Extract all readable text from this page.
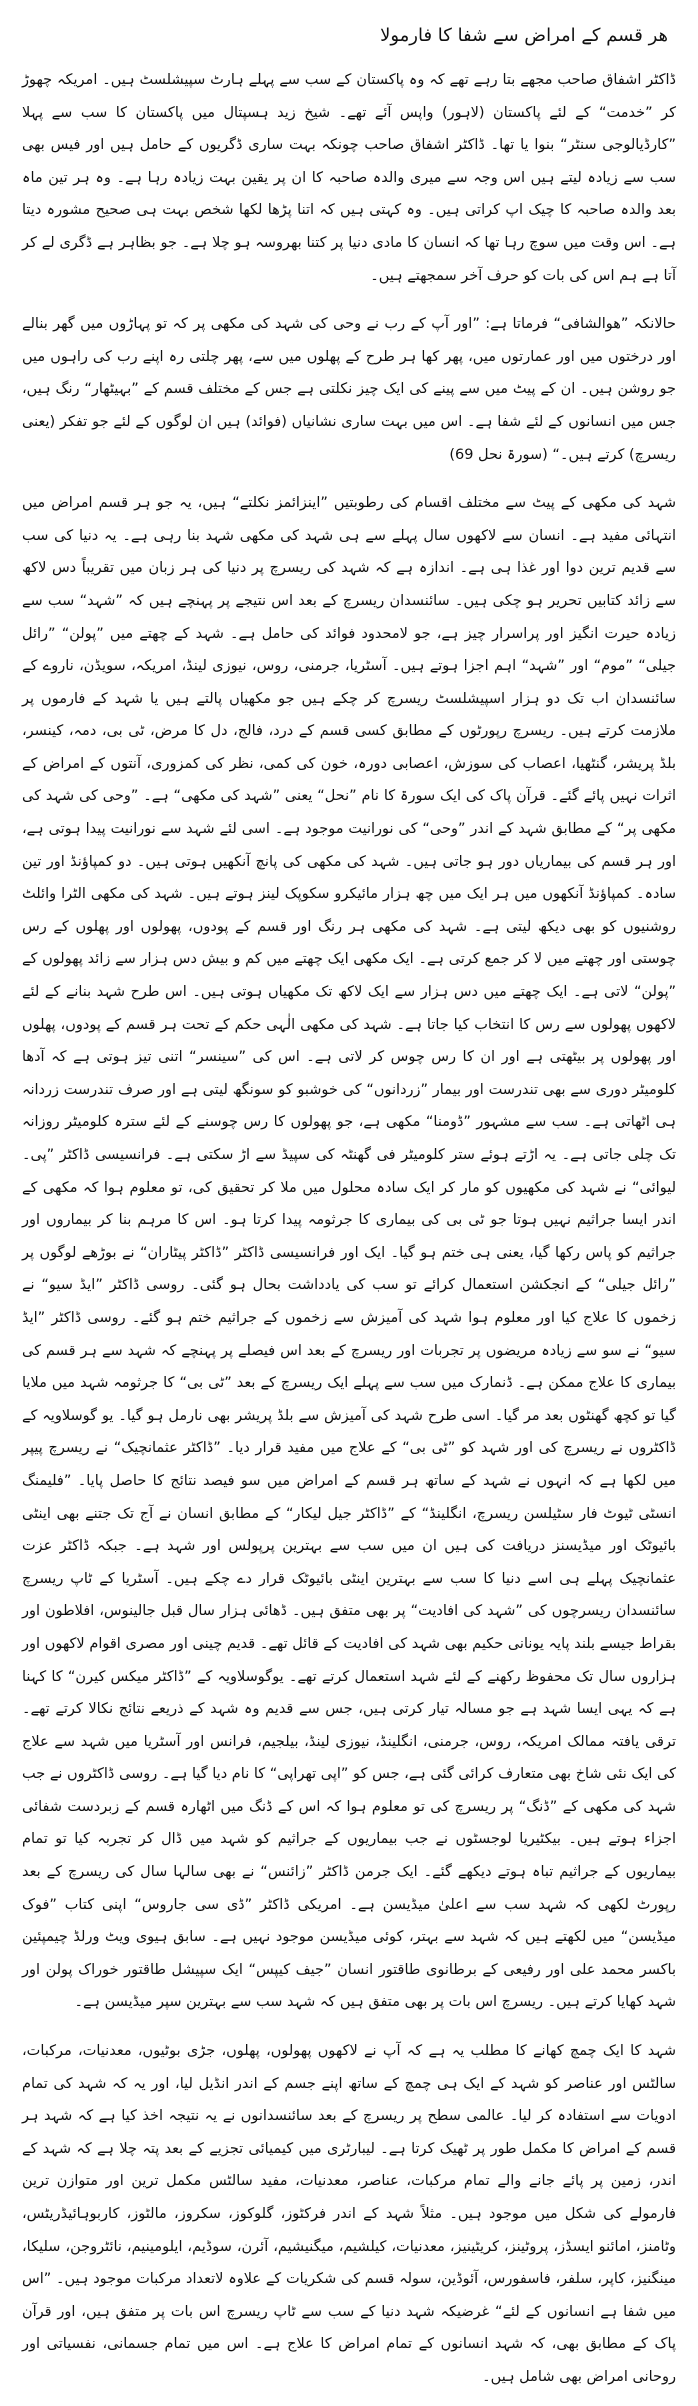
ھر قسم کے امراض سے شفا کا فارمولا

ڈاکٹر اشفاق صاحب مجھے بتا رہے تھے کہ وہ پاکستان کے سب سے پہلے ہارٹ سپیشلسٹ ہیں۔ امریکہ چھوڑ کر ”خدمت“ کے لئے پاکستان (لاہور) واپس آئے تھے۔ شیخ زید ہسپتال میں پاکستان کا سب سے پہلا ”کارڈیالوجی سنٹر“ بنوا یا تھا۔ ڈاکٹر اشفاق صاحب چونکہ بہت ساری ڈگریوں کے حامل ہیں اور فیس بھی سب سے زیادہ لیتے ہیں اس وجہ سے میری والدہ صاحبہ کا ان پر یقین بہت زیادہ رہا ہے۔ وہ ہر تین ماہ بعد والدہ صاحبہ کا چیک اپ کراتی ہیں۔ وہ کہتی ہیں کہ اتنا پڑھا لکھا شخص بہت ہی صحیح مشورہ دیتا ہے۔ اس وقت میں سوچ رہا تھا کہ انسان کا مادی دنیا پر کتنا بھروسہ ہو چلا ہے۔ جو بظاہر ہے ڈگری لے کر آتا ہے ہم اس کی بات کو حرف آخر سمجھتے ہیں۔

حالانکہ ”ھوالشافی“ فرماتا ہے: ”اور آپ کے رب نے وحی کی شہد کی مکھی پر کہ تو پہاڑوں میں گھر بنالے اور درختوں میں اور عمارتوں میں، پھر کھا ہر طرح کے پھلوں میں سے، پھر چلتی رہ اپنے رب کی راہوں میں جو روشن ہیں۔ ان کے پیٹ میں سے پینے کی ایک چیز نکلتی ہے جس کے مختلف قسم کے ”بہیٹھار“ رنگ ہیں، جس میں انسانوں کے لئے شفا ہے۔ اس میں بہت ساری نشانیاں (فوائد) ہیں ان لوگوں کے لئے جو تفکر (یعنی ریسرچ) کرتے ہیں۔“ (سورۃ نحل 69)

شہد کی مکھی کے پیٹ سے مختلف اقسام کی رطوبتیں ”اینزائمز نکلتے“ ہیں، یہ جو ہر قسم امراض میں انتہائی مفید ہے۔ انسان سے لاکھوں سال پہلے سے ہی شہد کی مکھی شہد بنا رہی ہے۔ یہ دنیا کی سب سے قدیم ترین دوا اور غذا ہی ہے۔ اندازہ ہے کہ شہد کی ریسرچ پر دنیا کی ہر زبان میں تقریباً دس لاکھ سے زائد کتابیں تحریر ہو چکی ہیں۔ سائنسدان ریسرچ کے بعد اس نتیجے پر پہنچے ہیں کہ ”شہد“ سب سے زیادہ حیرت انگیز اور پراسرار چیز ہے، جو لامحدود فوائد کی حامل ہے۔ شہد کے چھتے میں ”پولن“ ”رائل جیلی“ ”موم“ اور ”شہد“ اہم اجزا ہوتے ہیں۔ آسٹریا، جرمنی، روس، نیوزی لینڈ، امریکہ، سویڈن، ناروے کے سائنسدان اب تک دو ہزار اسپیشلسٹ ریسرچ کر چکے ہیں جو مکھیاں پالتے ہیں یا شہد کے فارموں پر ملازمت کرتے ہیں۔ ریسرچ رپورٹوں کے مطابق کسی قسم کے درد، فالج، دل کا مرض، ٹی بی، دمہ، کینسر، بلڈ پریشر، گنٹھیا، اعصاب کی سوزش، اعصابی دورہ، خون کی کمی، نظر کی کمزوری، آنتوں کے امراض کے اثرات نہیں پائے گئے۔ قرآن پاک کی ایک سورۃ کا نام ”نحل“ یعنی ”شہد کی مکھی“ ہے۔ ”وحی کی شہد کی مکھی پر“ کے مطابق شہد کے اندر ”وحی“ کی نورانیت موجود ہے۔ اسی لئے شہد سے نورانیت پیدا ہوتی ہے، اور ہر قسم کی بیماریاں دور ہو جاتی ہیں۔ شہد کی مکھی کی پانچ آنکھیں ہوتی ہیں۔ دو کمپاؤنڈ اور تین سادہ۔ کمپاؤنڈ آنکھوں میں ہر ایک میں چھ ہزار مائیکرو سکوپک لینز ہوتے ہیں۔ شہد کی مکھی الٹرا وائلٹ روشنیوں کو بھی دیکھ لیتی ہے۔ شہد کی مکھی ہر رنگ اور قسم کے پودوں، پھولوں اور پھلوں کے رس چوستی اور چھتے میں لا کر جمع کرتی ہے۔ ایک مکھی ایک چھتے میں کم و بیش دس ہزار سے زائد پھولوں کے ”پولن“ لاتی ہے۔ ایک چھتے میں دس ہزار سے ایک لاکھ تک مکھیاں ہوتی ہیں۔ اس طرح شہد بنانے کے لئے لاکھوں پھولوں سے رس کا انتخاب کیا جاتا ہے۔ شہد کی مکھی الٰہی حکم کے تحت ہر قسم کے پودوں، پھلوں اور پھولوں پر بیٹھتی ہے اور ان کا رس چوس کر لاتی ہے۔ اس کی ”سینسر“ اتنی تیز ہوتی ہے کہ آدھا کلومیٹر دوری سے بھی تندرست اور بیمار ”زردانوں“ کی خوشبو کو سونگھ لیتی ہے اور صرف تندرست زردانہ ہی اٹھاتی ہے۔ سب سے مشہور ”ڈومنا“ مکھی ہے، جو پھولوں کا رس چوسنے کے لئے سترہ کلومیٹر روزانہ تک چلی جاتی ہے۔ یہ اڑتے ہوئے ستر کلومیٹر فی گھنٹہ کی سپیڈ سے اڑ سکتی ہے۔ فرانسیسی ڈاکٹر ”پی۔ لیوائی“ نے شہد کی مکھیوں کو مار کر ایک سادہ محلول میں ملا کر تحقیق کی، تو معلوم ہوا کہ مکھی کے اندر ایسا جراثیم نہیں ہوتا جو ٹی بی کی بیماری کا جرثومہ پیدا کرتا ہو۔ اس کا مرہم بنا کر بیماروں اور جراثیم کو پاس رکھا گیا، یعنی ہی ختم ہو گیا۔ ایک اور فرانسیسی ڈاکٹر ”ڈاکٹر پیٹاران“ نے بوڑھے لوگوں پر ”رائل جیلی“ کے انجکشن استعمال کرائے تو سب کی یادداشت بحال ہو گئی۔ روسی ڈاکٹر ”ایڈ سیو“ نے زخموں کا علاج کیا اور معلوم ہوا شہد کی آمیزش سے زخموں کے جراثیم ختم ہو گئے۔ روسی ڈاکٹر ”ایڈ سیو“ نے سو سے زیادہ مریضوں پر تجربات اور ریسرچ کے بعد اس فیصلے پر پہنچے کہ شہد سے ہر قسم کی بیماری کا علاج ممکن ہے۔ ڈنمارک میں سب سے پہلے ایک ریسرچ کے بعد ”ٹی بی“ کا جرثومہ شہد میں ملایا گیا تو کچھ گھنٹوں بعد مر گیا۔ اسی طرح شہد کی آمیزش سے بلڈ پریشر بھی نارمل ہو گیا۔ یو گوسلاویہ کے ڈاکٹروں نے ریسرچ کی اور شہد کو ”ٹی بی“ کے علاج میں مفید قرار دیا۔ ”ڈاکٹر عثمانچیک“ نے ریسرچ پیپر میں لکھا ہے کہ انہوں نے شہد کے ساتھ ہر قسم کے امراض میں سو فیصد نتائج کا حاصل پایا۔ ”فلیمنگ انسٹی ٹیوٹ فار سٹیلسن ریسرچ، انگلینڈ“ کے ”ڈاکٹر جیل لیکار“ کے مطابق انسان نے آج تک جتنے بھی اینٹی بائیوٹک اور میڈیسنز دریافت کی ہیں ان میں سب سے بہترین پرپولس اور شہد ہے۔ جبکہ ڈاکٹر عزت عثمانچیک پہلے ہی اسے دنیا کا سب سے بہترین اینٹی بائیوٹک قرار دے چکے ہیں۔ آسٹریا کے ٹاپ ریسرچ سائنسدان ریسرچوں کی ”شہد کی افادیت“ پر بھی متفق ہیں۔ ڈھائی ہزار سال قبل جالینوس، افلاطون اور بقراط جیسے بلند پایہ یونانی حکیم بھی شہد کی افادیت کے قائل تھے۔ قدیم چینی اور مصری اقوام لاکھوں اور ہزاروں سال تک محفوظ رکھنے کے لئے شہد استعمال کرتے تھے۔ یوگوسلاویہ کے ”ڈاکٹر میکس کیرن“ کا کہنا ہے کہ یہی ایسا شہد ہے جو مسالہ تیار کرتی ہیں، جس سے قدیم وہ شہد کے ذریعے نتائج نکالا کرتے تھے۔ ترقی یافتہ ممالک امریکہ، روس، جرمنی، انگلینڈ، نیوزی لینڈ، بیلجیم، فرانس اور آسٹریا میں شہد سے علاج کی ایک نئی شاخ بھی متعارف کرائی گئی ہے، جس کو ”اپی تھراپی“ کا نام دیا گیا ہے۔ روسی ڈاکٹروں نے جب شہد کی مکھی کے ”ڈنگ“ پر ریسرچ کی تو معلوم ہوا کہ اس کے ڈنگ میں اٹھارہ قسم کے زبردست شفائی اجزاء ہوتے ہیں۔ بیکٹیریا لوجسٹوں نے جب بیماریوں کے جراثیم کو شہد میں ڈال کر تجربہ کیا تو تمام بیماریوں کے جراثیم تباہ ہوتے دیکھے گئے۔ ایک جرمن ڈاکٹر ”زائنس“ نے بھی سالہا سال کی ریسرچ کے بعد رپورٹ لکھی کہ شہد سب سے اعلیٰ میڈیسن ہے۔ امریکی ڈاکٹر ”ڈی سی جاروس“ اپنی کتاب ”فوک میڈیسن“ میں لکھتے ہیں کہ شہد سے بہتر، کوئی میڈیسن موجود نہیں ہے۔ سابق ہیوی ویٹ ورلڈ چیمپئین باکسر محمد علی اور رفیعی کے برطانوی طاقتور انسان ”جیف کیپس“ ایک سپیشل طاقتور خوراک پولن اور شہد کھایا کرتے ہیں۔ ریسرچ اس بات پر بھی متفق ہیں کہ شہد سب سے بہترین سپر میڈیسن ہے۔

شہد کا ایک چمچ کھانے کا مطلب یہ ہے کہ آپ نے لاکھوں پھولوں، پھلوں، جڑی بوٹیوں، معدنیات، مرکبات، سالٹس اور عناصر کو شہد کے ایک ہی چمچ کے ساتھ اپنے جسم کے اندر انڈیل لیا، اور یہ کہ شہد کی تمام ادویات سے استفادہ کر لیا۔ عالمی سطح پر ریسرچ کے بعد سائنسدانوں نے یہ نتیجہ اخذ کیا ہے کہ شہد ہر قسم کے امراض کا مکمل طور پر ٹھیک کرتا ہے۔ لیبارٹری میں کیمیائی تجزیے کے بعد پتہ چلا ہے کہ شہد کے اندر، زمین پر پائے جانے والے تمام مرکبات، عناصر، معدنیات، مفید سالٹس مکمل ترین اور متوازن ترین فارمولے کی شکل میں موجود ہیں۔ مثلاً شہد کے اندر فرکٹوز، گلوکوز، سکروز، مالٹوز، کاربوہائیڈریٹس، وٹامنز، امائنو ایسڈز، پروٹینز، کریٹینیز، معدنیات، کیلشیم، میگنیشیم، آئرن، سوڈیم، ایلومینیم، نائٹروجن، سلیکا، مینگنیز، کاپر، سلفر، فاسفورس، آئوڈین، سولہ قسم کی شکریات کے علاوہ لاتعداد مرکبات موجود ہیں۔ ”اس میں شفا ہے انسانوں کے لئے“ غرضیکہ شہد دنیا کے سب سے ٹاپ ریسرچ اس بات پر متفق ہیں، اور قرآن پاک کے مطابق بھی، کہ شہد انسانوں کے تمام امراض کا علاج ہے۔ اس میں تمام جسمانی، نفسیاتی اور روحانی امراض بھی شامل ہیں۔
